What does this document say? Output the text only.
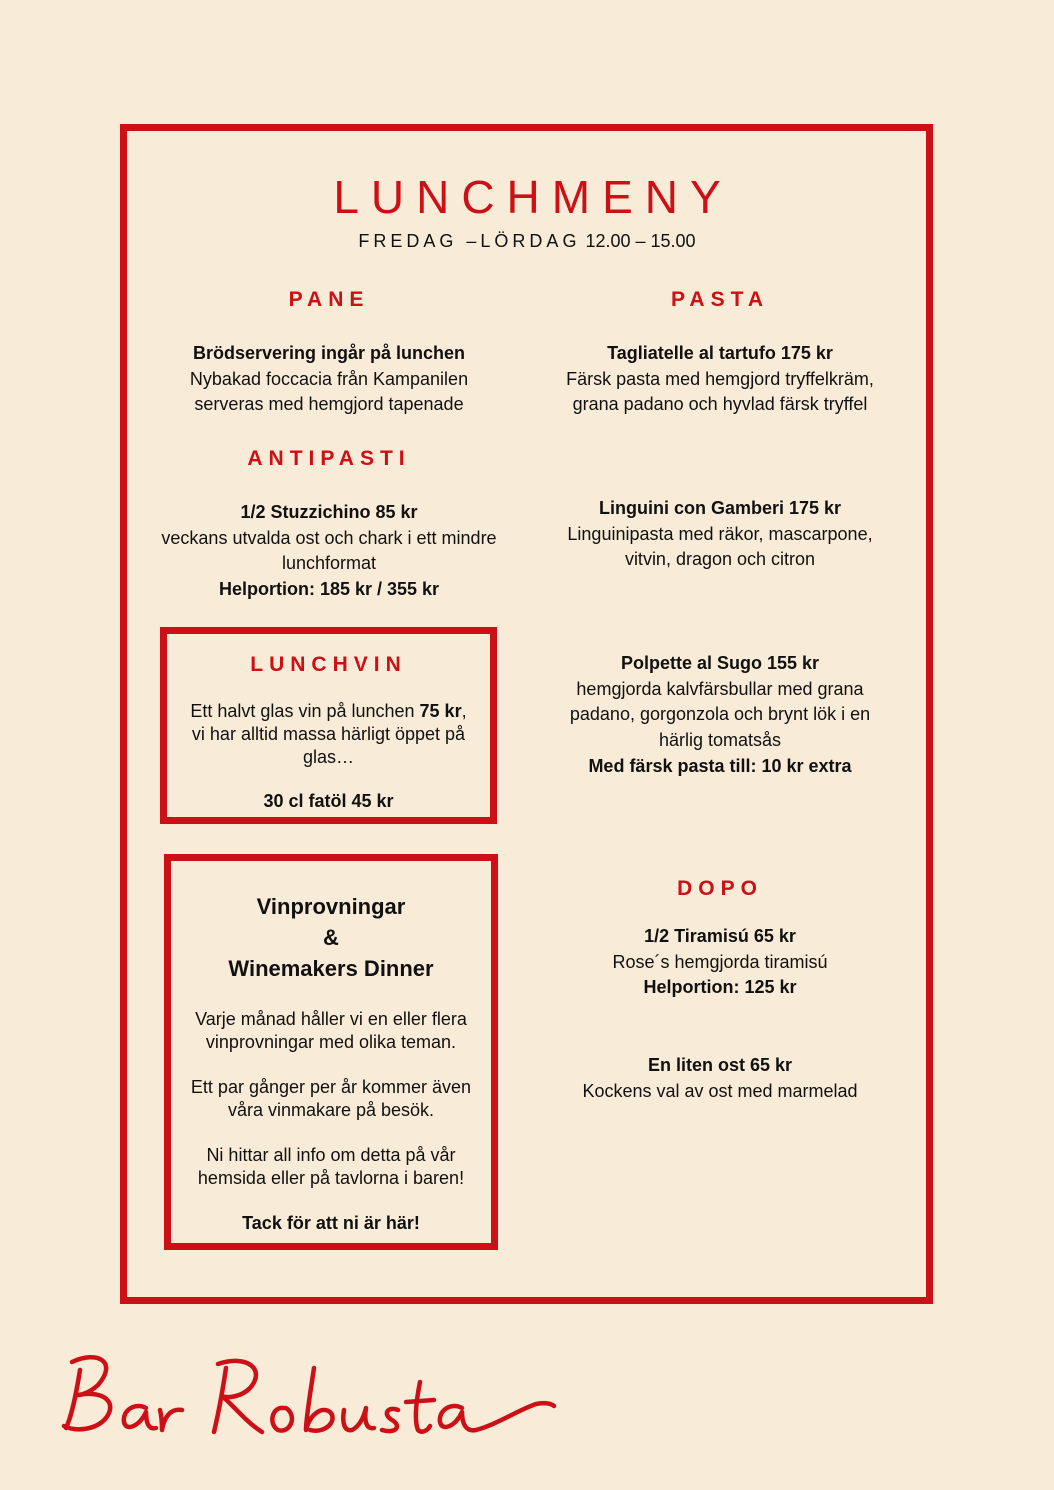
LUNCHMENY
FREDAG –LÖRDAG 12.00 – 15.00
PANE
Brödservering ingår på lunchen
Nybakad foccacia från Kampanilen
serveras med hemgjord tapenade
ANTIPASTI
1/2 Stuzzichino 85 kr
veckans utvalda ost och chark i ett mindre
lunchformat
Helportion: 185 kr / 355 kr
LUNCHVIN
Ett halvt glas vin på lunchen 75 kr,
vi har alltid massa härligt öppet på
glas…
30 cl fatöl 45 kr
Vinprovningar
&
Winemakers Dinner
Varje månad håller vi en eller flera
vinprovningar med olika teman.
Ett par gånger per år kommer även
våra vinmakare på besök.
Ni hittar all info om detta på vår
hemsida eller på tavlorna i baren!
Tack för att ni är här!
PASTA
Tagliatelle al tartufo 175 kr
Färsk pasta med hemgjord tryffelkräm,
grana padano och hyvlad färsk tryffel
Linguini con Gamberi 175 kr
Linguinipasta med räkor, mascarpone,
vitvin, dragon och citron
Polpette al Sugo 155 kr
hemgjorda kalvfärsbullar med grana
padano, gorgonzola och brynt lök i en
härlig tomatsås
Med färsk pasta till: 10 kr extra
DOPO
1/2 Tiramisú 65 kr
Rose´s hemgjorda tiramisú
Helportion: 125 kr
En liten ost 65 kr
Kockens val av ost med marmelad
